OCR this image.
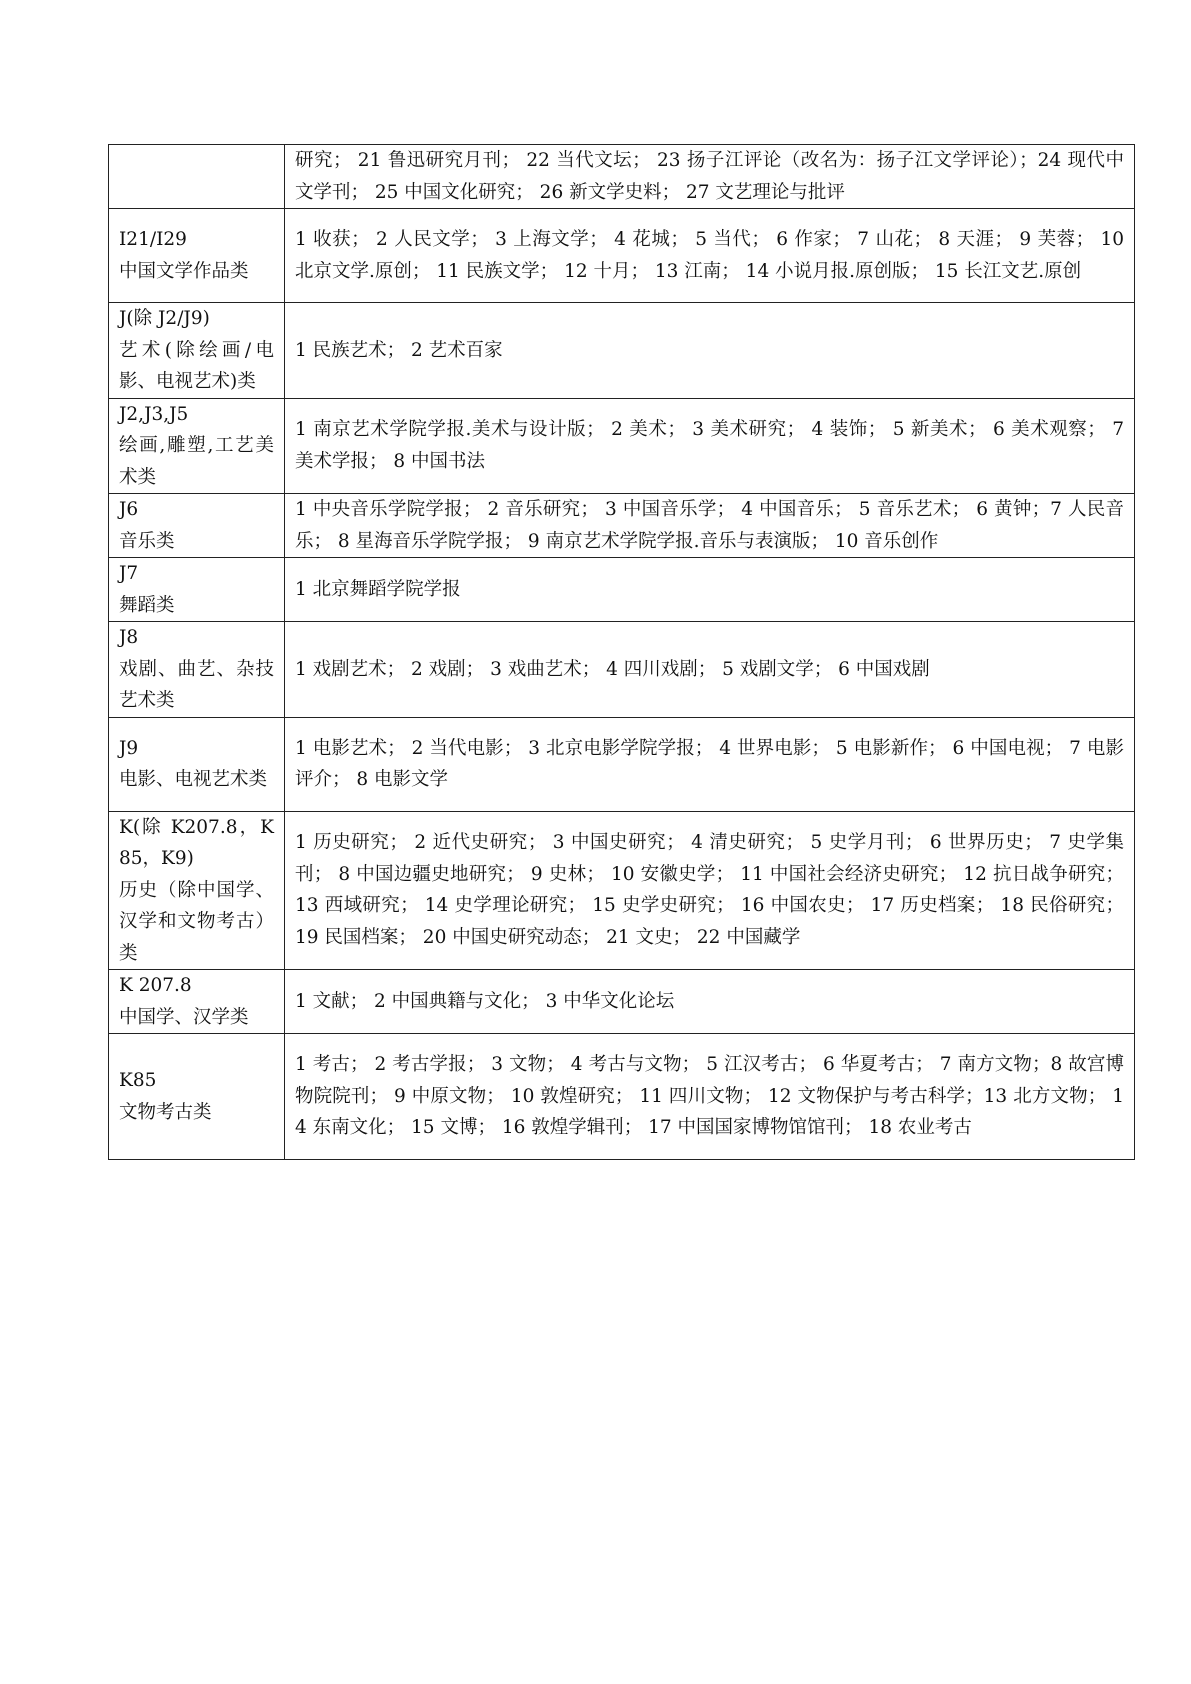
	研究； 21 鲁迅研究月刊； 22 当代文坛； 23 扬子江评论（改名为：扬子江文学评论）；24 现代中文学刊； 25 中国文化研究； 26 新文学史料； 27 文艺理论与批评

I21/I29
中国文学作品类	1 收获； 2 人民文学； 3 上海文学； 4 花城； 5 当代； 6 作家； 7 山花； 8 天涯； 9 芙蓉； 10 北京文学.原创； 11 民族文学； 12 十月； 13 江南； 14 小说月报.原创版； 15 长江文艺.原创

J(除 J2/J9)
艺术(除绘画/电影、电视艺术)类	1 民族艺术； 2 艺术百家

J2,J3,J5
绘画,雕塑,工艺美术类	1 南京艺术学院学报.美术与设计版； 2 美术； 3 美术研究； 4 装饰； 5 新美术； 6 美术观察； 7 美术学报； 8 中国书法

J6
音乐类	1 中央音乐学院学报； 2 音乐研究； 3 中国音乐学； 4 中国音乐； 5 音乐艺术； 6 黄钟；7 人民音乐； 8 星海音乐学院学报； 9 南京艺术学院学报.音乐与表演版； 10 音乐创作

J7
舞蹈类	1 北京舞蹈学院学报

J8
戏剧、曲艺、杂技艺术类	1 戏剧艺术； 2 戏剧； 3 戏曲艺术； 4 四川戏剧； 5 戏剧文学； 6 中国戏剧

J9
电影、电视艺术类	1 电影艺术； 2 当代电影； 3 北京电影学院学报； 4 世界电影； 5 电影新作； 6 中国电视； 7 电影评介； 8 电影文学

K(除 K207.8，K85，K9)
历史（除中国学、汉学和文物考古）类	1 历史研究； 2 近代史研究； 3 中国史研究； 4 清史研究； 5 史学月刊； 6 世界历史； 7 史学集刊； 8 中国边疆史地研究； 9 史林； 10 安徽史学； 11 中国社会经济史研究； 12 抗日战争研究； 13 西域研究； 14 史学理论研究； 15 史学史研究； 16 中国农史； 17 历史档案； 18 民俗研究； 19 民国档案； 20 中国史研究动态； 21 文史； 22 中国藏学

K 207.8
中国学、汉学类	1 文献； 2 中国典籍与文化； 3 中华文化论坛

K85
文物考古类	1 考古； 2 考古学报； 3 文物； 4 考古与文物； 5 江汉考古； 6 华夏考古； 7 南方文物；8 故宫博物院院刊； 9 中原文物； 10 敦煌研究； 11 四川文物； 12 文物保护与考古科学；13 北方文物； 14 东南文化； 15 文博； 16 敦煌学辑刊； 17 中国国家博物馆馆刊； 18 农业考古
